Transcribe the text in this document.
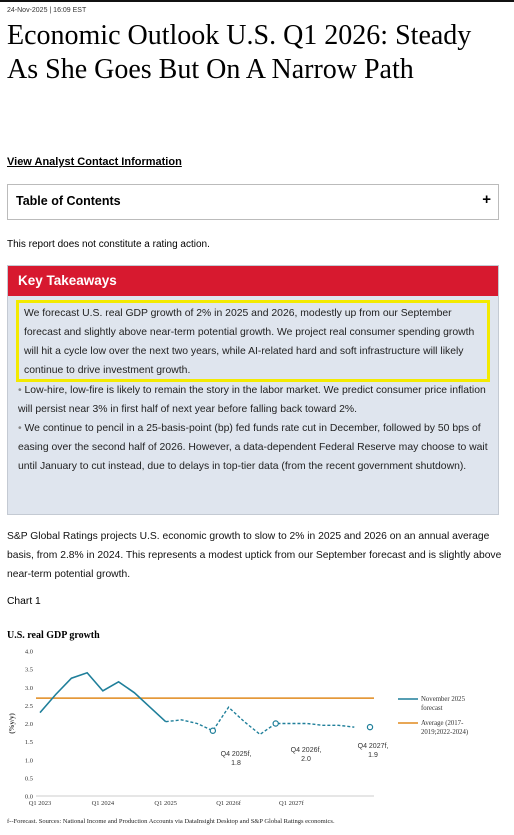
24-Nov-2025 | 16:09 EST
Economic Outlook U.S. Q1 2026: Steady As She Goes But On A Narrow Path
View Analyst Contact Information
Table of Contents	+
This report does not constitute a rating action.
Key Takeaways
We forecast U.S. real GDP growth of 2% in 2025 and 2026, modestly up from our September forecast and slightly above near-term potential growth. We project real consumer spending growth will hit a cycle low over the next two years, while AI-related hard and soft infrastructure will likely continue to drive investment growth.
• Low-hire, low-fire is likely to remain the story in the labor market. We predict consumer price inflation will persist near 3% in first half of next year before falling back toward 2%.
• We continue to pencil in a 25-basis-point (bp) fed funds rate cut in December, followed by 50 bps of easing over the second half of 2026. However, a data-dependent Federal Reserve may choose to wait until January to cut instead, due to delays in top-tier data (from the recent government shutdown).
S&P Global Ratings projects U.S. economic growth to slow to 2% in 2025 and 2026 on an annual average basis, from 2.8% in 2024. This represents a modest uptick from our September forecast and is slightly above near-term potential growth.
Chart 1
U.S. real GDP growth
0.0
0.5
1.0
1.5
2.0
2.5
3.0
3.5
4.0
Q1 2023	Q1 2024	Q1 2025	Q1 2026f	Q1 2027f
(%y/y)
Q4 2025f,
1.8
Q4 2026f,
2.0
Q4 2027f,
1.9
November 2025
forecast
Average (2017-
2019;2022-2024)
f--Forecast. Sources: National Income and Production Accounts via DataInsight Desktop and S&P Global Ratings economics.
